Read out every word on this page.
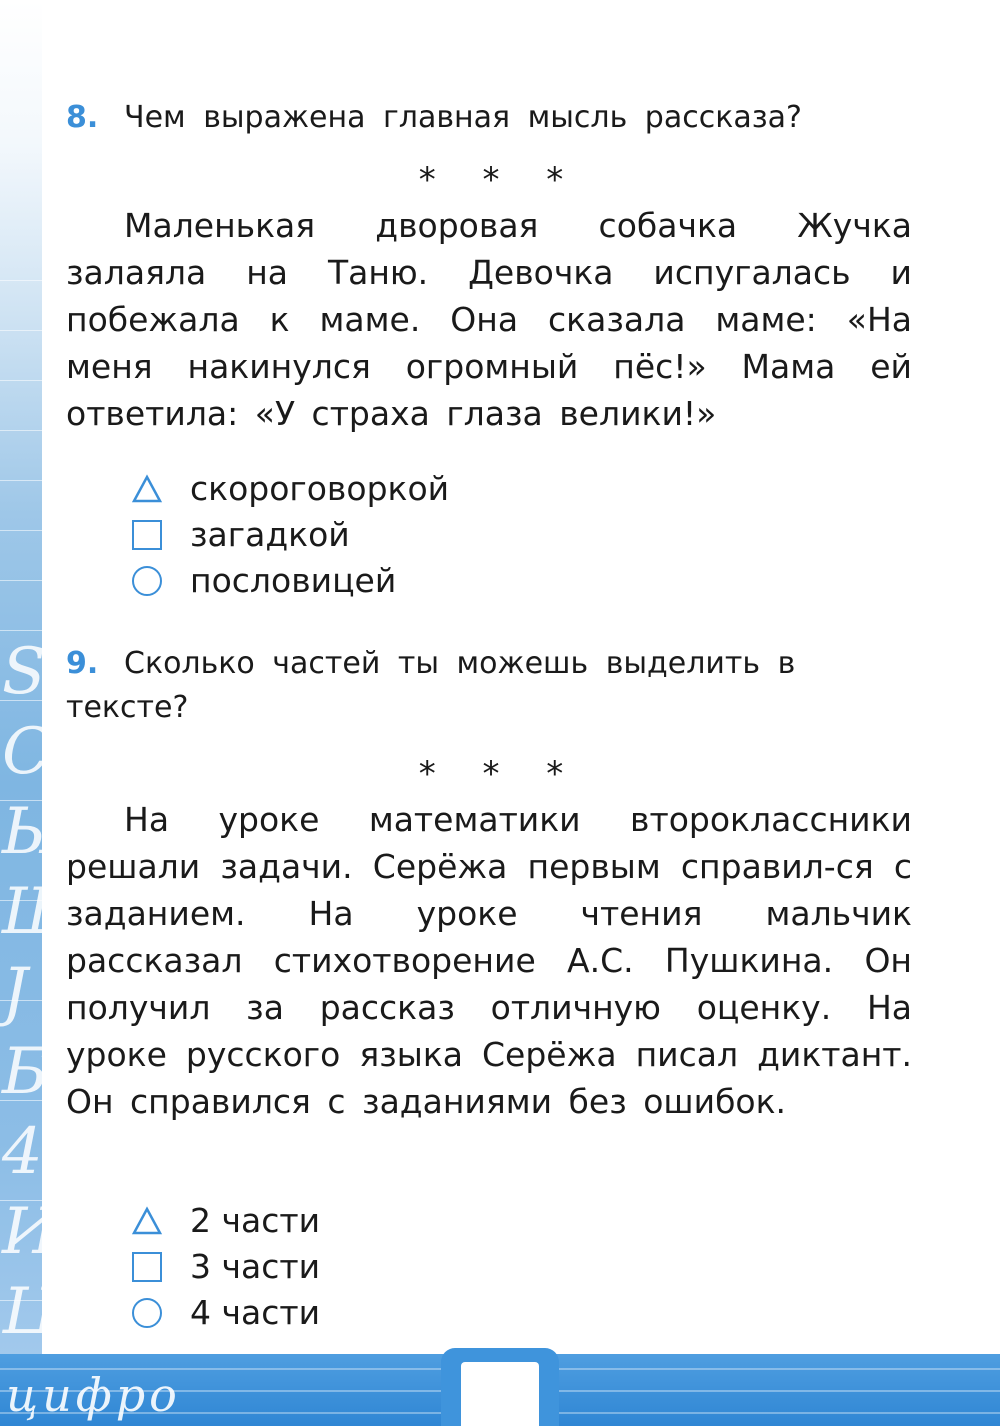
S
C
Ы
Ш
J
Б
4
И
Ц
8. Чем выражена главная мысль рассказа?
* * *

Маленькая дворовая собачка Жучка залаяла на Таню. Девочка испугалась и побежала к маме. Она сказала маме: «На меня накинулся огромный пёс!» Мама ей ответила: «У страха глаза велики!»

скороговоркой
загадкой
пословицей
9. Сколько частей ты можешь выделить в тексте?
* * *

На уроке математики второклассники решали задачи. Серёжа первым справил-ся с заданием. На уроке чтения мальчик рассказал стихотворение А.С. Пушкина. Он получил за рассказ отличную оценку. На уроке русского языка Серёжа писал диктант. Он справился с заданиями без ошибок.

2 части
3 части
4 части
цифро
